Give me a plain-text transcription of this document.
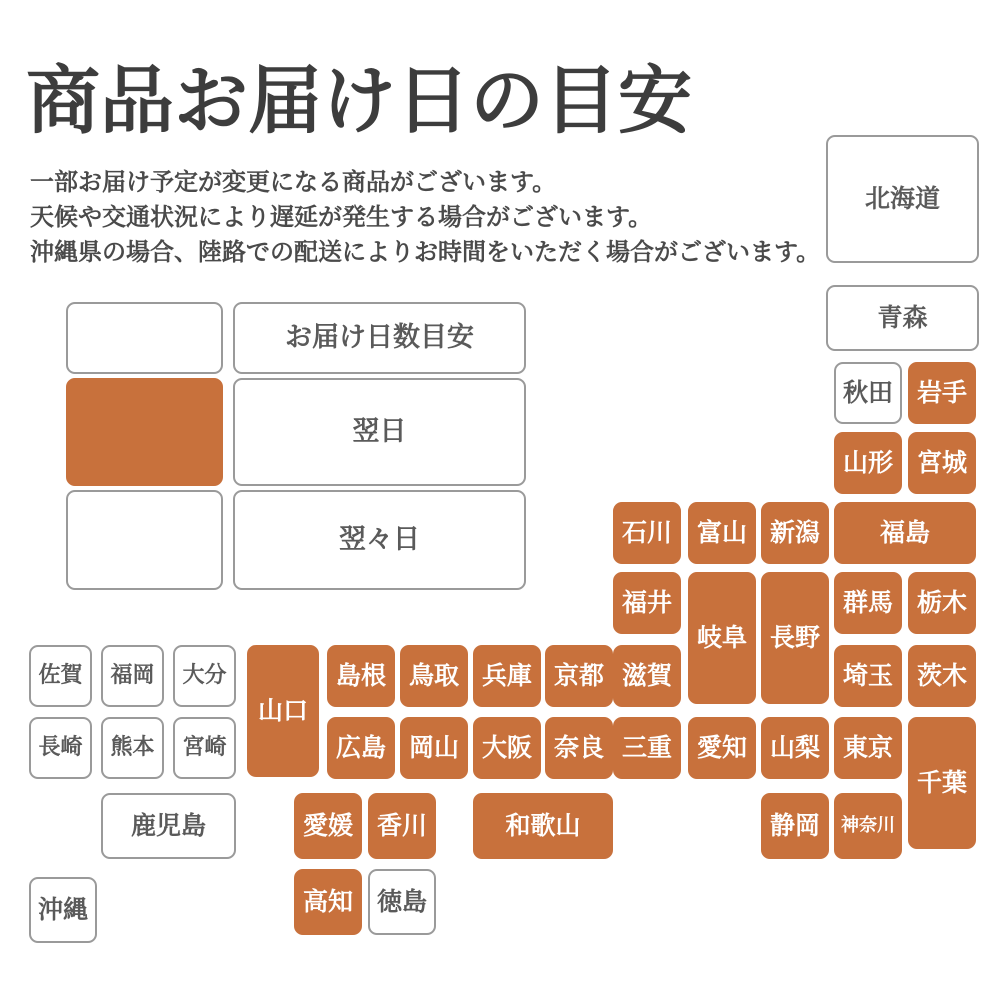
商品お届け日の目安
一部お届け予定が変更になる商品がございます。
天候や交通状況により遅延が発生する場合がございます。
沖縄県の場合、陸路での配送によりお時間をいただく場合がございます。
お届け日数目安
翌日
翌々日
北海道
青森
秋田 岩手
山形 宮城
石川 富山 新潟	福島
福井
岐阜 長野
群馬 栃木
佐賀	福岡	大分
山口
島根 鳥取 兵庫 京都 滋賀	埼玉 茨木
長崎	熊本	宮崎	広島 岡山 大阪 奈良 三重 愛知 山梨 東京
千葉
鹿児島	愛媛 香川	和歌山	静岡	神奈川
高知 徳島
沖縄
